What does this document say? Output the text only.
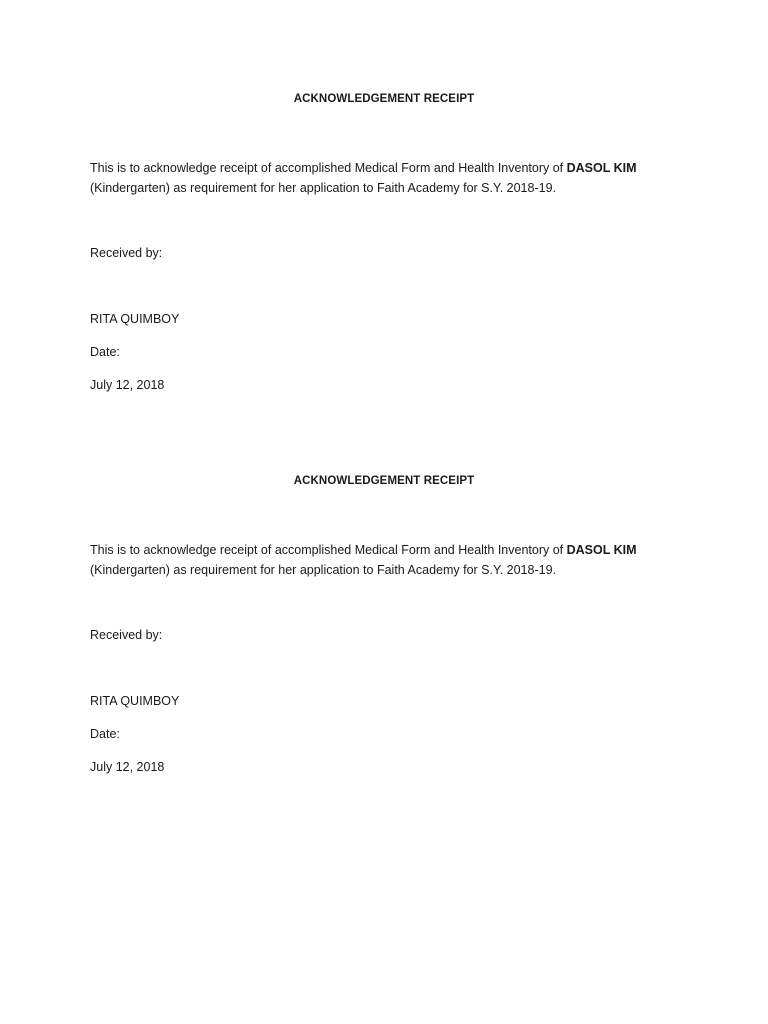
ACKNOWLEDGEMENT RECEIPT

This is to acknowledge receipt of accomplished Medical Form and Health Inventory of DASOL KIM (Kindergarten) as requirement for her application to Faith Academy for S.Y. 2018-19.

Received by:
RITA QUIMBOY
Date:
July 12, 2018
ACKNOWLEDGEMENT RECEIPT

This is to acknowledge receipt of accomplished Medical Form and Health Inventory of DASOL KIM (Kindergarten) as requirement for her application to Faith Academy for S.Y. 2018-19.

Received by:
RITA QUIMBOY
Date:
July 12, 2018
